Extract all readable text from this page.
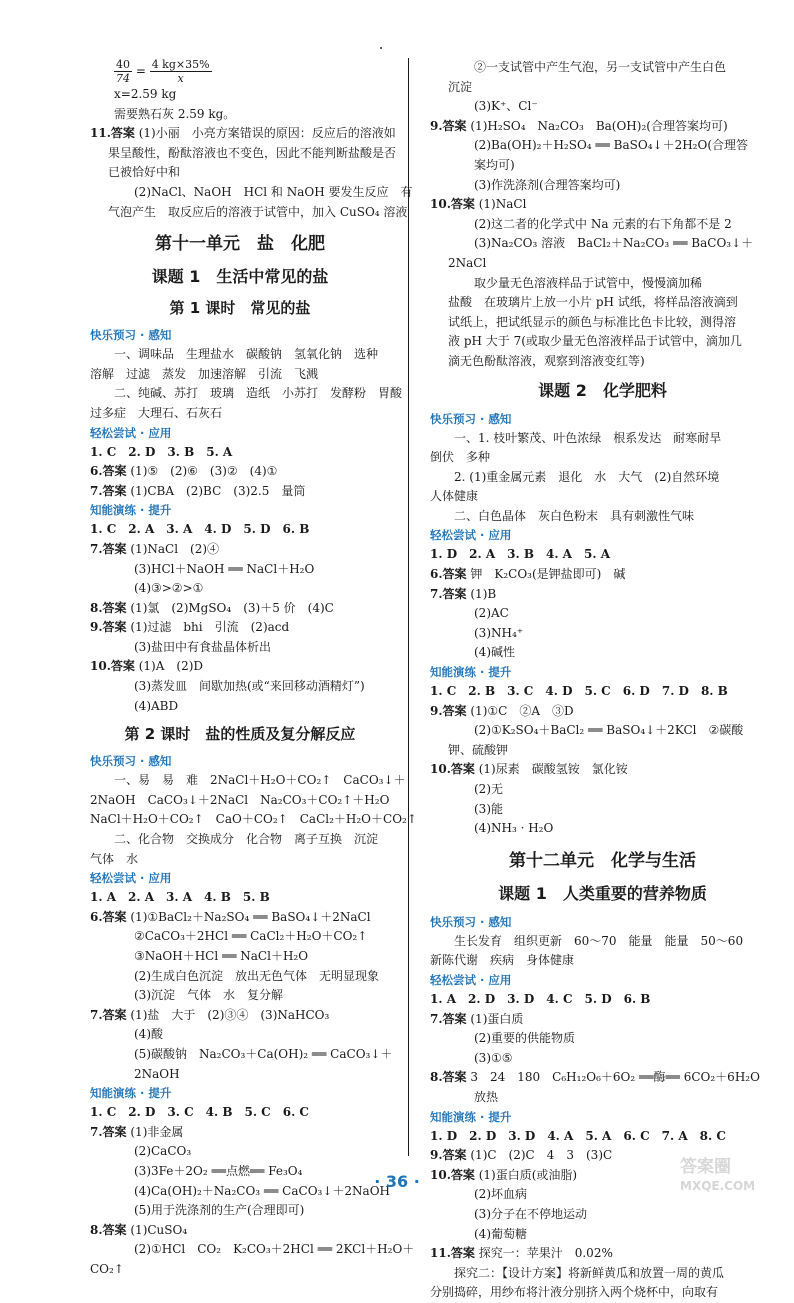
$\frac{40}{74} = \frac{4 kg\times 35\%}{x}$
x=2.59 kg
需要熟石灰 2.59 kg。
11.答案 (1)小丽　小亮方案错误的原因：反应后的溶液如
果呈酸性，酚酞溶液也不变色，因此不能判断盐酸是否
已被恰好中和
(2)NaCl、NaOH　HCl 和 NaOH 要发生反应　有
气泡产生　取反应后的溶液于试管中，加入 CuSO₄ 溶液
第十一单元　盐　化肥
课题 1　生活中常见的盐
第 1 课时　常见的盐
快乐预习 · 感知
一、调味品　生理盐水　碳酸钠　氢氧化钠　选种
溶解　过滤　蒸发　加速溶解　引流　飞溅
二、纯碱、苏打　玻璃　造纸　小苏打　发酵粉　胃酸
过多症　大理石、石灰石
轻松尝试 · 应用
1. C　2. D　3. B　5. A
6.答案 (1)⑤　(2)⑥　(3)②　(4)①
7.答案 (1)CBA　(2)BC　(3)2.5　量筒
知能演练 · 提升
1. C　2. A　3. A　4. D　5. D　6. B
7.答案 (1)NaCl　(2)④
(3)HCl＋NaOH ══ NaCl＋H₂O
(4)③>②>①
8.答案 (1)氯　(2)MgSO₄　(3)＋5 价　(4)C
9.答案 (1)过滤　bhi　引流　(2)acd
(3)盐田中有食盐晶体析出
10.答案 (1)A　(2)D
(3)蒸发皿　间歇加热(或“来回移动酒精灯”)
(4)ABD
第 2 课时　盐的性质及复分解反应
快乐预习 · 感知
一、易　易　难　2NaCl＋H₂O＋CO₂↑　CaCO₃↓＋
2NaOH　CaCO₃↓＋2NaCl　Na₂CO₃＋CO₂↑＋H₂O
NaCl＋H₂O＋CO₂↑　CaO＋CO₂↑　CaCl₂＋H₂O＋CO₂↑
二、化合物　交换成分　化合物　离子互换　沉淀
气体　水
轻松尝试 · 应用
1. A　2. A　3. A　4. B　5. B
6.答案 (1)①BaCl₂＋Na₂SO₄ ══ BaSO₄↓＋2NaCl
②CaCO₃＋2HCl ══ CaCl₂＋H₂O＋CO₂↑
③NaOH＋HCl ══ NaCl＋H₂O
(2)生成白色沉淀　放出无色气体　无明显现象
(3)沉淀　气体　水　复分解
7.答案 (1)盐　大于　(2)③④　(3)NaHCO₃
(4)酸
(5)碳酸钠　Na₂CO₃＋Ca(OH)₂ ══ CaCO₃↓＋
2NaOH
知能演练 · 提升
1. C　2. D　3. C　4. B　5. C　6. C
7.答案 (1)非金属
(2)CaCO₃
(3)3Fe＋2O₂ ══点燃══ Fe₃O₄
(4)Ca(OH)₂＋Na₂CO₃ ══ CaCO₃↓＋2NaOH
(5)用于洗涤剂的生产(合理即可)
8.答案 (1)CuSO₄
(2)①HCl　CO₂　K₂CO₃＋2HCl ══ 2KCl＋H₂O＋
CO₂↑
②一支试管中产生气泡，另一支试管中产生白色
沉淀
(3)K⁺、Cl⁻
9.答案 (1)H₂SO₄　Na₂CO₃　Ba(OH)₂(合理答案均可)
(2)Ba(OH)₂＋H₂SO₄ ══ BaSO₄↓＋2H₂O(合理答
案均可)
(3)作洗涤剂(合理答案均可)
10.答案 (1)NaCl
(2)这二者的化学式中 Na 元素的右下角都不是 2
(3)Na₂CO₃ 溶液　BaCl₂＋Na₂CO₃ ══ BaCO₃↓＋
2NaCl
取少量无色溶液样品于试管中，慢慢滴加稀
盐酸　在玻璃片上放一小片 pH 试纸，将样品溶液滴到
试纸上，把试纸显示的颜色与标准比色卡比较，测得溶
液 pH 大于 7(或取少量无色溶液样品于试管中，滴加几
滴无色酚酞溶液，观察到溶液变红等)
课题 2　化学肥料
快乐预习 · 感知
一、1. 枝叶繁茂、叶色浓绿　根系发达　耐寒耐旱
倒伏　多种
2. (1)重金属元素　退化　水　大气　(2)自然环境
人体健康
二、白色晶体　灰白色粉末　具有刺激性气味
轻松尝试 · 应用
1. D　2. A　3. B　4. A　5. A
6.答案 钾　K₂CO₃(是钾盐即可)　碱
7.答案 (1)B
(2)AC
(3)NH₄⁺
(4)碱性
知能演练 · 提升
1. C　2. B　3. C　4. D　5. C　6. D　7. D　8. B
9.答案 (1)①C　②A　③D
(2)①K₂SO₄＋BaCl₂ ══ BaSO₄↓＋2KCl　②碳酸
钾、硫酸钾
10.答案 (1)尿素　碳酸氢铵　氯化铵
(2)无
(3)能
(4)NH₃ · H₂O
第十二单元　化学与生活
课题 1　人类重要的营养物质
快乐预习 · 感知
生长发育　组织更新　60～70　能量　能量　50～60
新陈代谢　疾病　身体健康
轻松尝试 · 应用
1. A　2. D　3. D　4. C　5. D　6. B
7.答案 (1)蛋白质
(2)重要的供能物质
(3)①⑤
8.答案 3　24　180　C₆H₁₂O₆＋6O₂ ══酶══ 6CO₂＋6H₂O
放热
知能演练 · 提升
1. D　2. D　3. D　4. A　5. A　6. C　7. A　8. C
9.答案 (1)C　(2)C　4　3　(3)C
10.答案 (1)蛋白质(或油脂)
(2)坏血病
(3)分子在不停地运动
(4)葡萄糖
11.答案 探究一：苹果汁　0.02%
探究二：【设计方案】将新鲜黄瓜和放置一周的黄瓜
分别捣碎，用纱布将汁液分别挤入两个烧杯中，向取有
· 36 ·
答案圈
MXQE.COM
